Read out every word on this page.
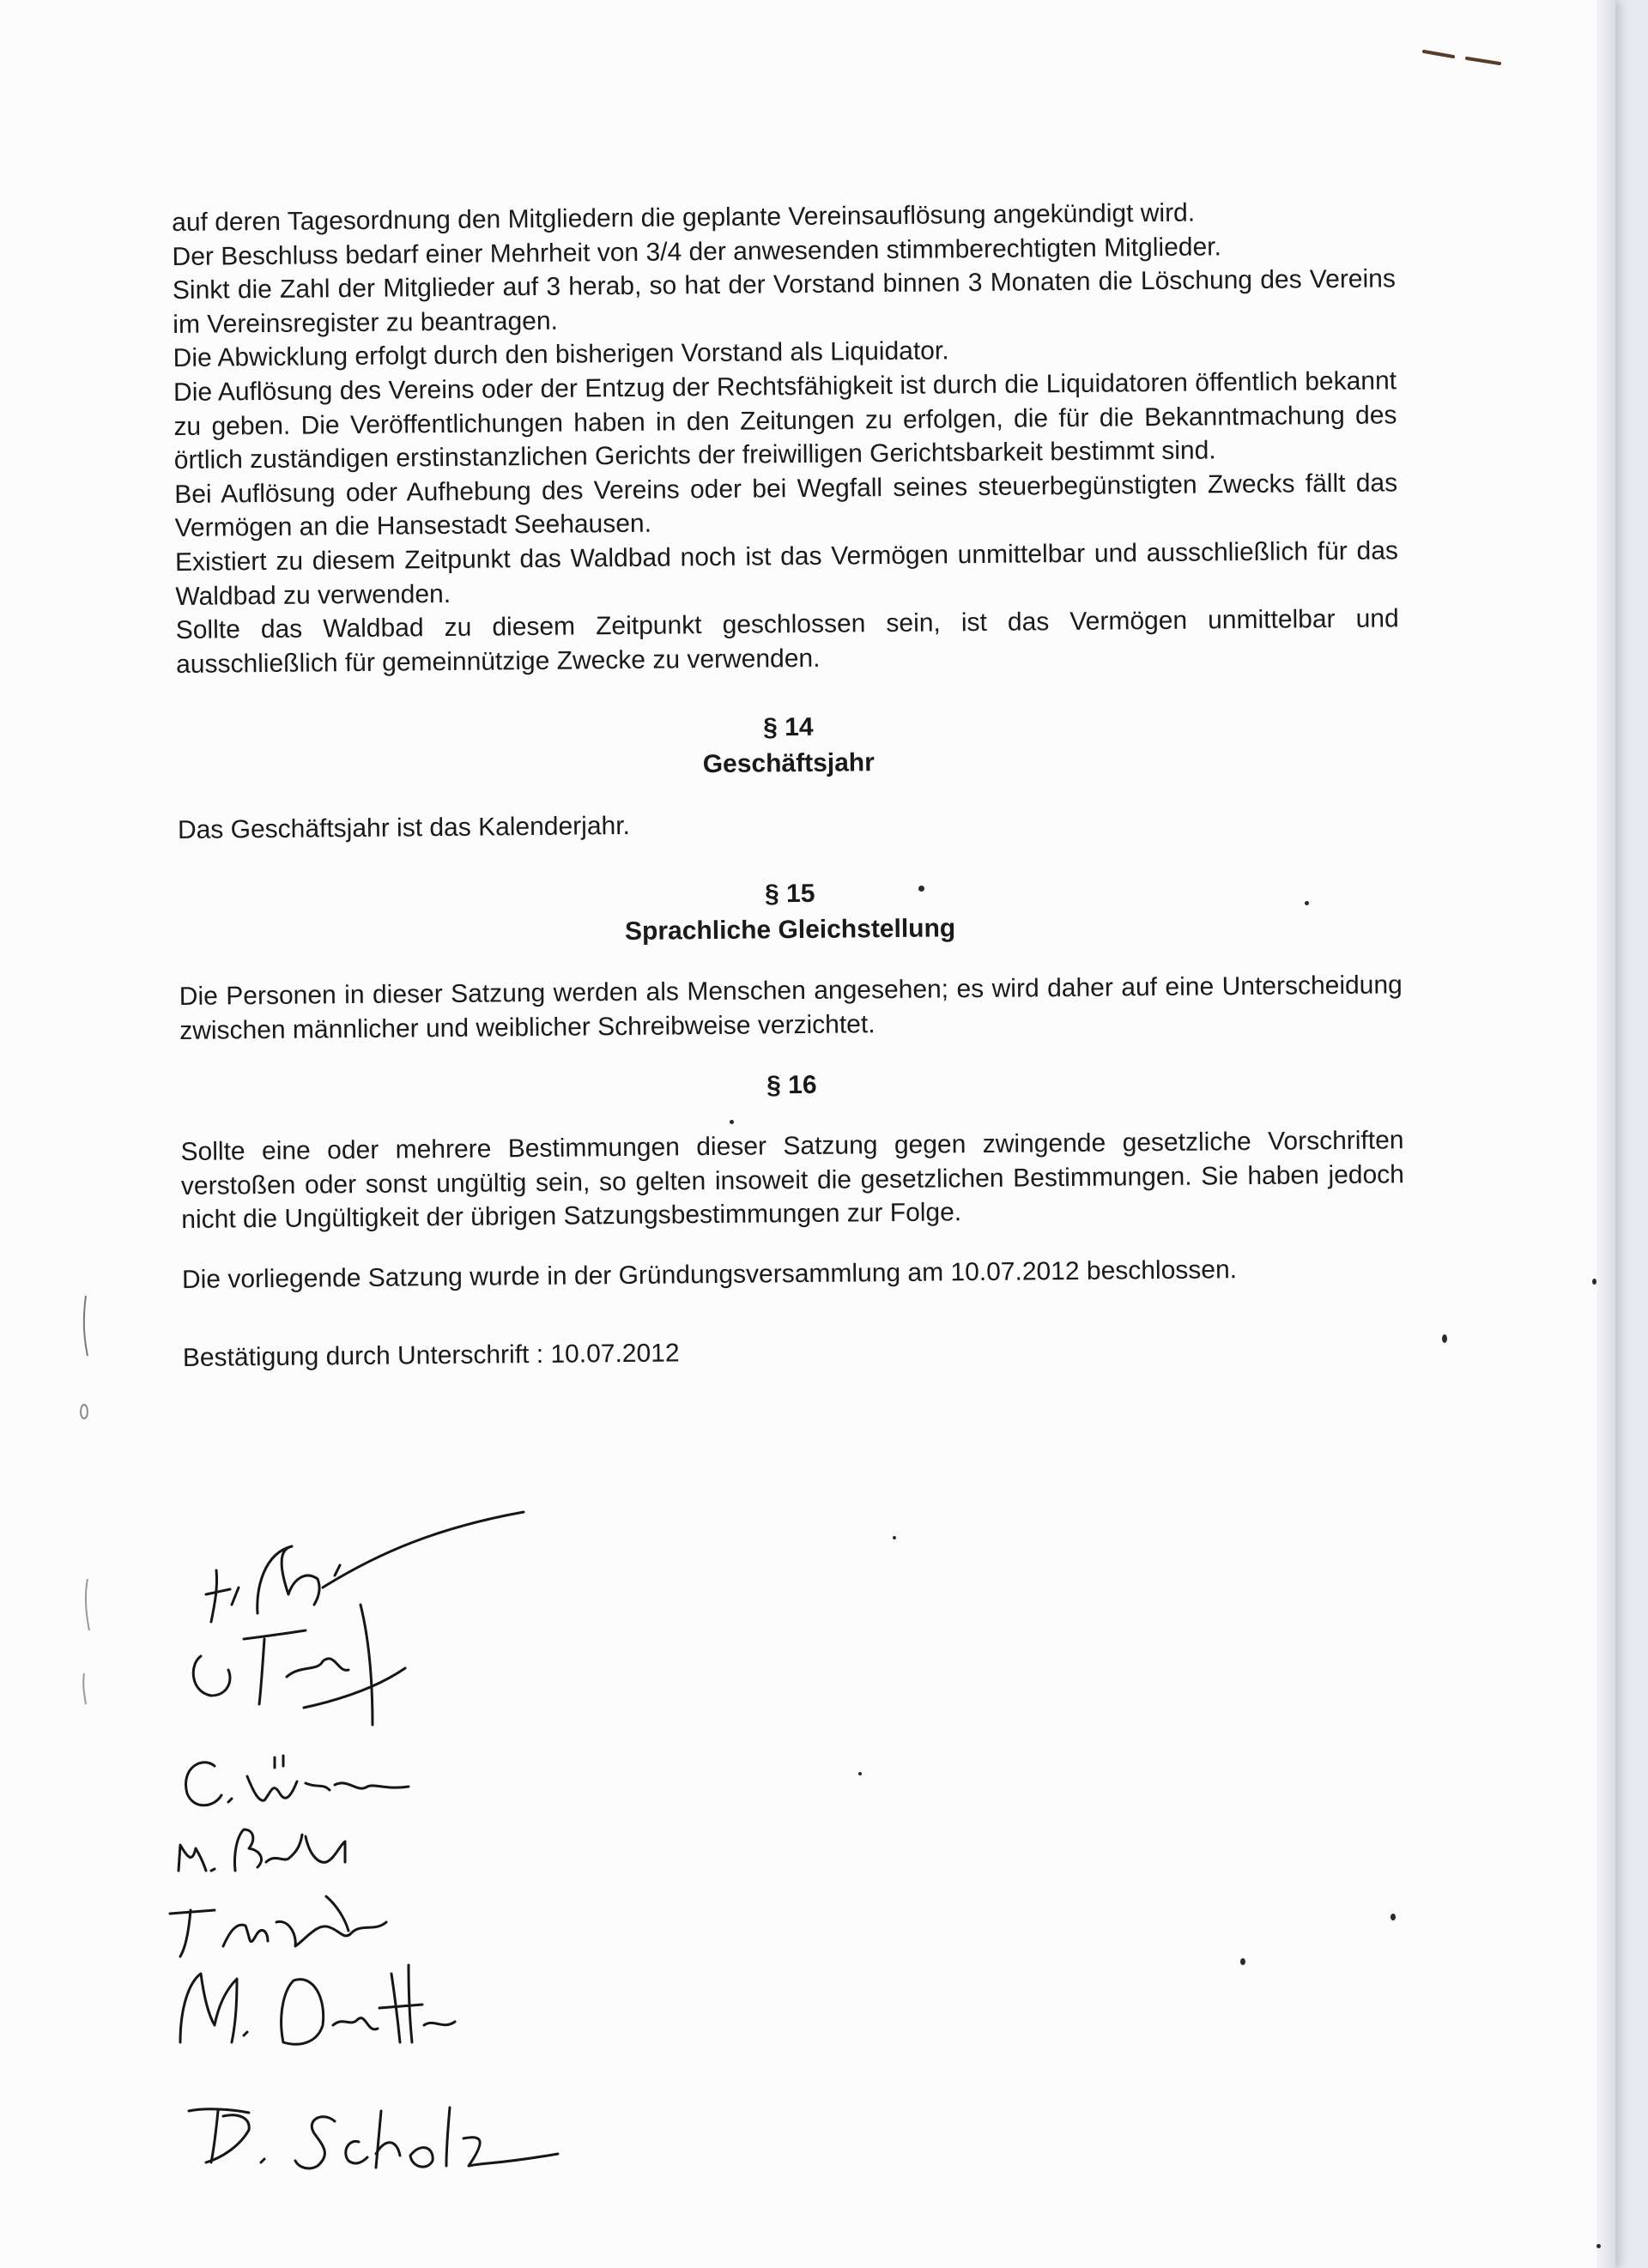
auf deren Tagesordnung den Mitgliedern die geplante Vereinsauflösung angekündigt wird.

Der Beschluss bedarf einer Mehrheit von 3/4 der anwesenden stimmberechtigten Mitglieder.

Sinkt die Zahl der Mitglieder auf 3 herab, so hat der Vorstand binnen 3 Monaten die Löschung des Vereins im Vereinsregister zu beantragen.

Die Abwicklung erfolgt durch den bisherigen Vorstand als Liquidator.

Die Auflösung des Vereins oder der Entzug der Rechtsfähigkeit ist durch die Liquidatoren öffentlich bekannt zu geben. Die Veröffentlichungen haben in den Zeitungen zu erfolgen, die für die Bekanntmachung des örtlich zuständigen erstinstanzlichen Gerichts der freiwilligen Gerichtsbarkeit bestimmt sind.

Bei Auflösung oder Aufhebung des Vereins oder bei Wegfall seines steuerbegünstigten Zwecks fällt das Vermögen an die Hansestadt Seehausen.

Existiert zu diesem Zeitpunkt das Waldbad noch ist das Vermögen unmittelbar und ausschließlich für das Waldbad zu verwenden.

Sollte das Waldbad zu diesem Zeitpunkt geschlossen sein, ist das Vermögen unmittelbar und ausschließlich für gemeinnützige Zwecke zu verwenden.

§ 14

Geschäftsjahr

Das Geschäftsjahr ist das Kalenderjahr.

§ 15

Sprachliche Gleichstellung

Die Personen in dieser Satzung werden als Menschen angesehen; es wird daher auf eine Unterscheidung zwischen männlicher und weiblicher Schreibweise verzichtet.

§ 16

Sollte eine oder mehrere Bestimmungen dieser Satzung gegen zwingende gesetzliche Vorschriften verstoßen oder sonst ungültig sein, so gelten insoweit die gesetzlichen Bestimmungen. Sie haben jedoch nicht die Ungültigkeit der übrigen Satzungsbestimmungen zur Folge.

Die vorliegende Satzung wurde in der Gründungsversammlung am 10.07.2012 beschlossen.

Bestätigung durch Unterschrift : 10.07.2012
